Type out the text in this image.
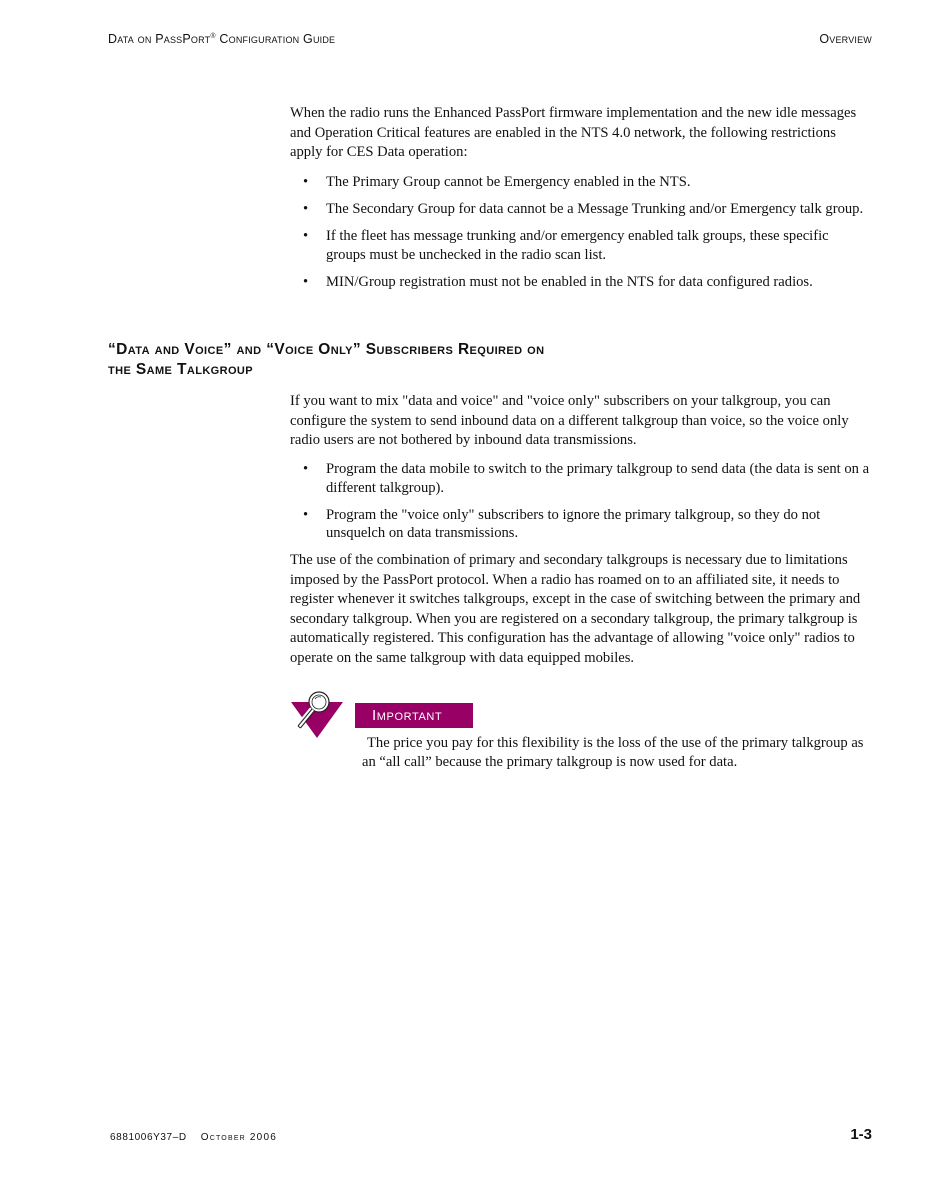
Data on PassPort® Configuration Guide	Overview

When the radio runs the Enhanced PassPort firmware implementation and the new idle messages and Operation Critical features are enabled in the NTS 4.0 network, the following restrictions apply for CES Data operation:

• The Primary Group cannot be Emergency enabled in the NTS.
• The Secondary Group for data cannot be a Message Trunking and/or Emergency talk group.
• If the fleet has message trunking and/or emergency enabled talk groups, these specific groups must be unchecked in the radio scan list.
• MIN/Group registration must not be enabled in the NTS for data configured radios.
“Data and Voice” and “Voice Only” Subscribers Required on
the Same Talkgroup

If you want to mix "data and voice" and "voice only" subscribers on your talkgroup, you can configure the system to send inbound data on a different talkgroup than voice, so the voice only radio users are not bothered by inbound data transmissions.

• Program the data mobile to switch to the primary talkgroup to send data (the data is sent on a different talkgroup).
• Program the "voice only" subscribers to ignore the primary talkgroup, so they do not unsquelch on data transmissions.

The use of the combination of primary and secondary talkgroups is necessary due to limitations imposed by the PassPort protocol. When a radio has roamed on to an affiliated site, it needs to register whenever it switches talkgroups, except in the case of switching between the primary and secondary talkgroup. When you are registered on a secondary talkgroup, the primary talkgroup is automatically registered. This configuration has the advantage of allowing "voice only" radios to operate on the same talkgroup with data equipped mobiles.

Important
The price you pay for this flexibility is the loss of the use of the primary talkgroup as an “all call” because the primary talkgroup is now used for data.
6881006Y37–D October 2006	1-3
